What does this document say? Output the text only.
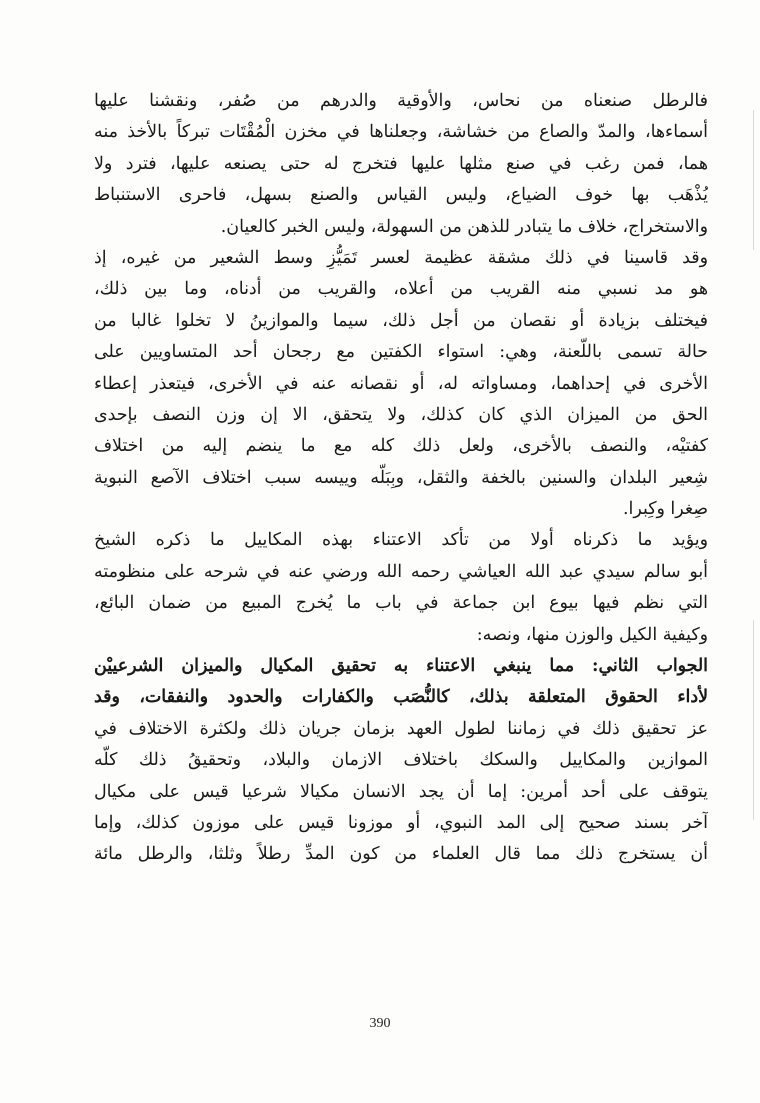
فالرطل صنعناه من نحاس، والأوقية والدرهم من صُفر، ونقشنا عليها
أسماءها، والمدّ والصاع من خشاشة، وجعلناها في مخزن الْمُقْتَات تبركاً بالأخذ منه
هما، فمن رغب في صنع مثلها عليها فتخرج له حتى يصنعه عليها، فترد ولا
يُذْهَب بها خوف الضياع، وليس القياس والصنع بسهل، فاحرى الاستنباط
والاستخراج، خلاف ما يتبادر للذهن من السهولة، وليس الخبر كالعيان.
وقد قاسينا في ذلك مشقة عظيمة لعسر تَمَيُّزِ وسط الشعير من غيره، إذ
هو مد نسبي منه القريب من أعلاه، والقريب من أدناه، وما بين ذلك،
فيختلف بزيادة أو نقصان من أجل ذلك، سيما والموازينُ لا تخلوا غالبا من
حالة تسمى باللّعنة، وهي: استواء الكفتين مع رجحان أحد المتساويين على
الأخرى في إحداهما، ومساواته له، أو نقصانه عنه في الأخرى، فيتعذر إعطاء
الحق من الميزان الذي كان كذلك، ولا يتحقق، الا إن وزن النصف بإحدى
كفتيْه، والنصف بالأخرى، ولعل ذلك كله مع ما ينضم إليه من اختلاف
شِعير البلدان والسنين بالخفة والثقل، وبِبَلّه وييسه سبب اختلاف الآصع النبوية
صِغرا وكِبرا.
ويؤيد ما ذكرناه أولا من تأكد الاعتناء بهذه المكاييل ما ذكره الشيخ
أبو سالم سيدي عبد الله العياشي رحمه الله ورضي عنه في شرحه على منظومته
التي نظم فيها بيوع ابن جماعة في باب ما يُخرج المبيع من ضمان البائع،
وكيفية الكيل والوزن منها، ونصه:
الجواب الثاني: مما ينبغي الاعتناء به تحقيق المكيال والميزان الشرعييْن
لأداء الحقوق المتعلقة بذلك، كالنُّصَب والكفارات والحدود والنفقات، وقد
عز تحقيق ذلك في زماننا لطول العهد بزمان جريان ذلك ولكثرة الاختلاف في
الموازين والمكاييل والسكك باختلاف الازمان والبلاد، وتحقيقُ ذلك كلّه
يتوقف على أحد أمرين: إما أن يجد الانسان مكيالا شرعيا قيس على مكيال
آخر بسند صحيح إلى المد النبوي، أو موزونا قيس على موزون كذلك، وإما
أن يستخرج ذلك مما قال العلماء من كون المدِّ رطلاً وثلثا، والرطل مائة
390
